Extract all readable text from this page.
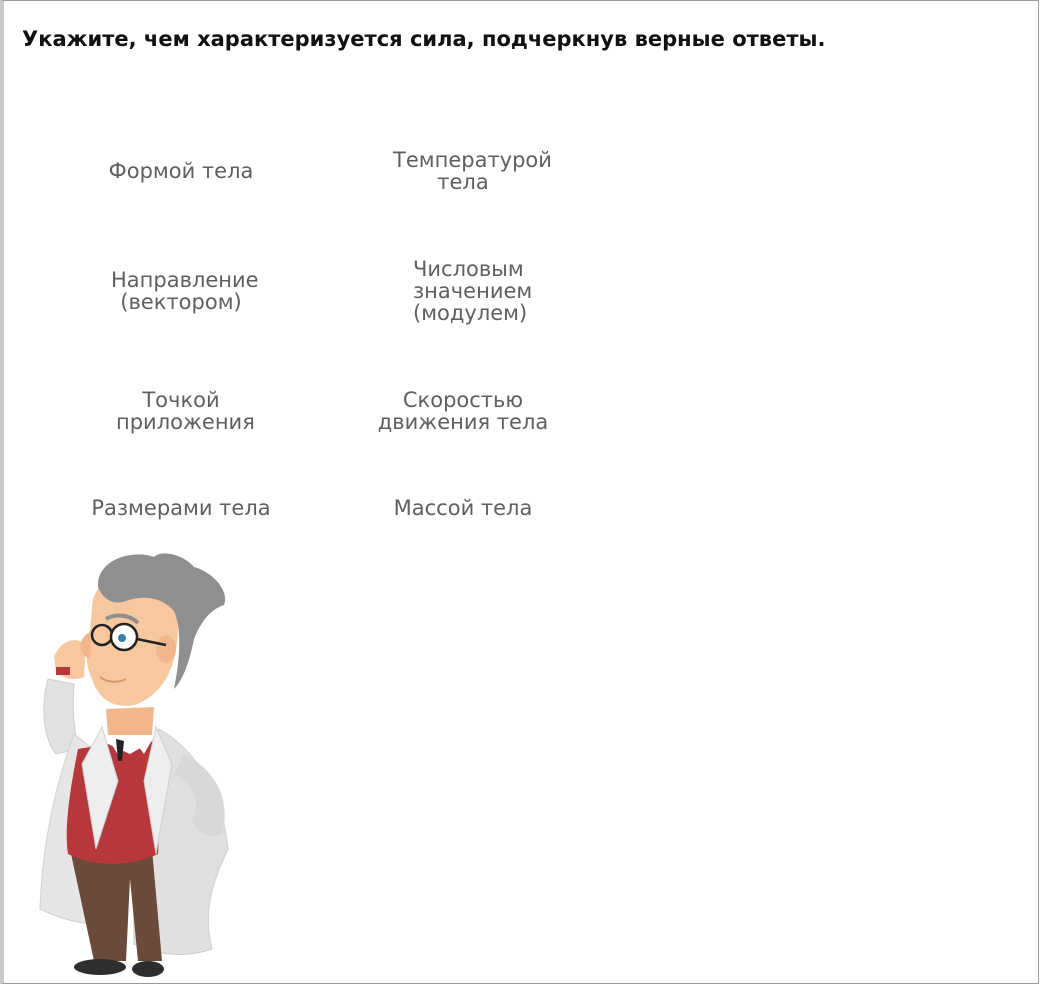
Укажите, чем характеризуется сила, подчеркнув верные ответы.
Формой тела	Температурой тела
Направление (вектором)
Числовым значением (модулем)
Точкой приложения
Скоростью движения тела
Размерами тела	Массой тела
